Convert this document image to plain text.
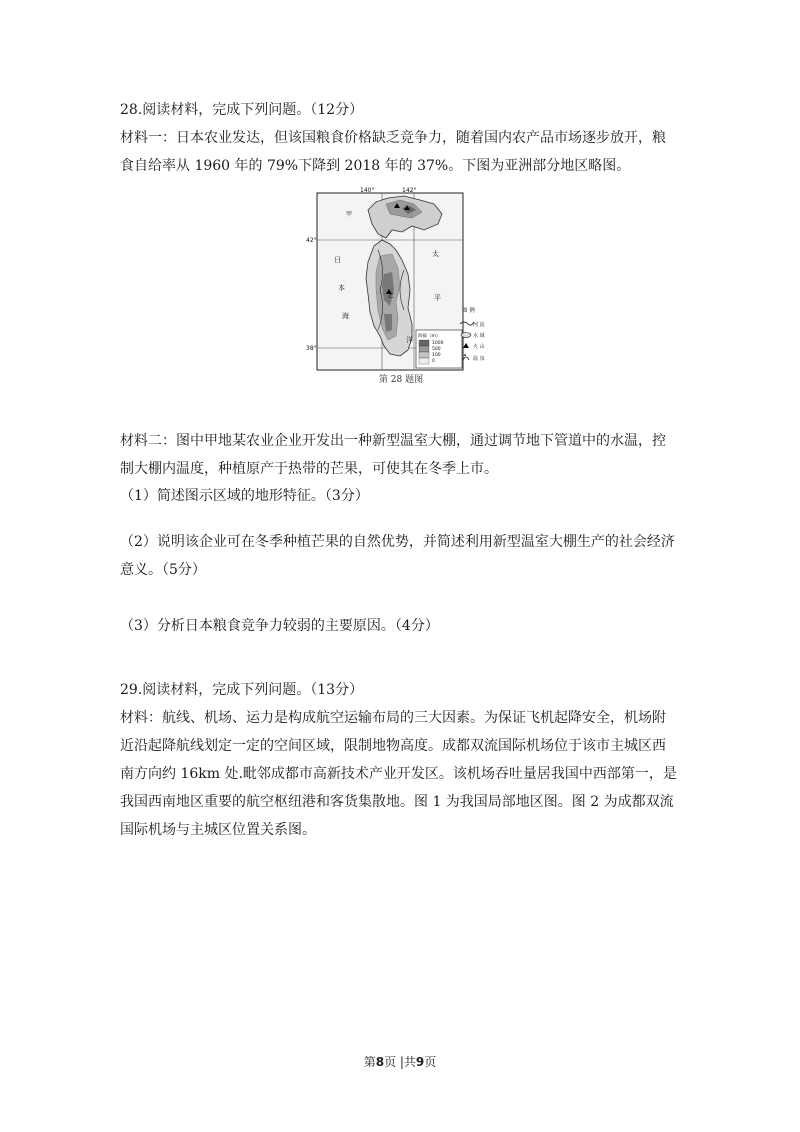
28.阅读材料，完成下列问题。（12分）

材料一：日本农业发达，但该国粮食价格缺乏竞争力，随着国内农产品市场逐步放开，粮

食自给率从 1960 年的 79%下降到 2018 年的 37%。下图为亚洲部分地区略图。

140°	142°
42°
38°
甲
乙
日
本
海
太
平
洋 海拔（m）
1000
500
100
0
图 例
河 流
水 域
火 山
温 泉
第 28 题图

材料二：图中甲地某农业企业开发出一种新型温室大棚，通过调节地下管道中的水温，控

制大棚内温度，种植原产于热带的芒果，可使其在冬季上市。

（1）简述图示区域的地形特征。（3分）

（2）说明该企业可在冬季种植芒果的自然优势，并简述利用新型温室大棚生产的社会经济

意义。（5分）

（3）分析日本粮食竞争力较弱的主要原因。（4分）

29.阅读材料，完成下列问题。（13分）

材料：航线、机场、运力是构成航空运输布局的三大因素。为保证飞机起降安全，机场附

近沿起降航线划定一定的空间区域，限制地物高度。成都双流国际机场位于该市主城区西

南方向约 16km 处.毗邻成都市高新技术产业开发区。该机场吞吐量居我国中西部第一，是

我国西南地区重要的航空枢纽港和客货集散地。图 1 为我国局部地区图。图 2 为成都双流

国际机场与主城区位置关系图。

第8页 |共9页
